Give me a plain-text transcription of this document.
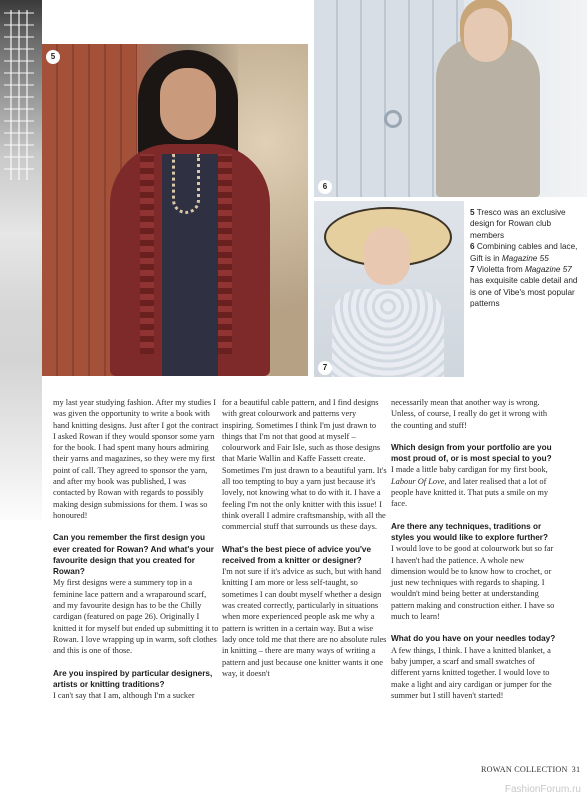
5
6
7
5 Tresco was an exclusive design for Rowan club members
6 Combining cables and lace, Gift is in Magazine 55
7 Violetta from Magazine 57 has exquisite cable detail and is one of Vibe's most popular patterns

my last year studying fashion. After my studies I was given the opportunity to write a book with hand knitting designs. Just after I got the contract I asked Rowan if they would sponsor some yarn for the book. I had spent many hours admiring their yarns and magazines, so they were my first point of call. They agreed to sponsor the yarn, and after my book was published, I was contacted by Rowan with regards to possibly making design submissions for them. I was so honoured!

Can you remember the first design you ever created for Rowan? And what's your favourite design that you created for Rowan?

My first designs were a summery top in a feminine lace pattern and a wraparound scarf, and my favourite design has to be the Chilly cardigan (featured on page 26). Originally I knitted it for myself but ended up submitting it to Rowan. I love wrapping up in warm, soft clothes and this is one of those.

Are you inspired by particular designers, artists or knitting traditions?

I can't say that I am, although I'm a sucker

for a beautiful cable pattern, and I find designs with great colourwork and patterns very inspiring. Sometimes I think I'm just drawn to things that I'm not that good at myself – colourwork and Fair Isle, such as those designs that Marie Wallin and Kaffe Fassett create. Sometimes I'm just drawn to a beautiful yarn. It's all too tempting to buy a yarn just because it's lovely, not knowing what to do with it. I have a feeling I'm not the only knitter with this issue! I think overall I admire craftsmanship, with all the commercial stuff that surrounds us these days.

What's the best piece of advice you've received from a knitter or designer?

I'm not sure if it's advice as such, but with hand knitting I am more or less self-taught, so sometimes I can doubt myself whether a design was created correctly, particularly in situations when more experienced people ask me why a pattern is written in a certain way. But a wise lady once told me that there are no absolute rules in knitting – there are many ways of writing a pattern and just because one knitter wants it one way, it doesn't

necessarily mean that another way is wrong. Unless, of course, I really do get it wrong with the counting and stuff!

Which design from your portfolio are you most proud of, or is most special to you?

I made a little baby cardigan for my first book, Labour Of Love, and later realised that a lot of people have knitted it. That puts a smile on my face.

Are there any techniques, traditions or styles you would like to explore further?

I would love to be good at colourwork but so far I haven't had the patience. A whole new dimension would be to know how to crochet, or just new techniques with regards to shaping. I wouldn't mind being better at understanding pattern making and construction either. I have so much to learn!

What do you have on your needles today?

A few things, I think. I have a knitted blanket, a baby jumper, a scarf and small swatches of different yarns knitted together. I would love to make a light and airy cardigan or jumper for the summer but I still haven't started!

ROWAN COLLECTION 31
FashionForum.ru
